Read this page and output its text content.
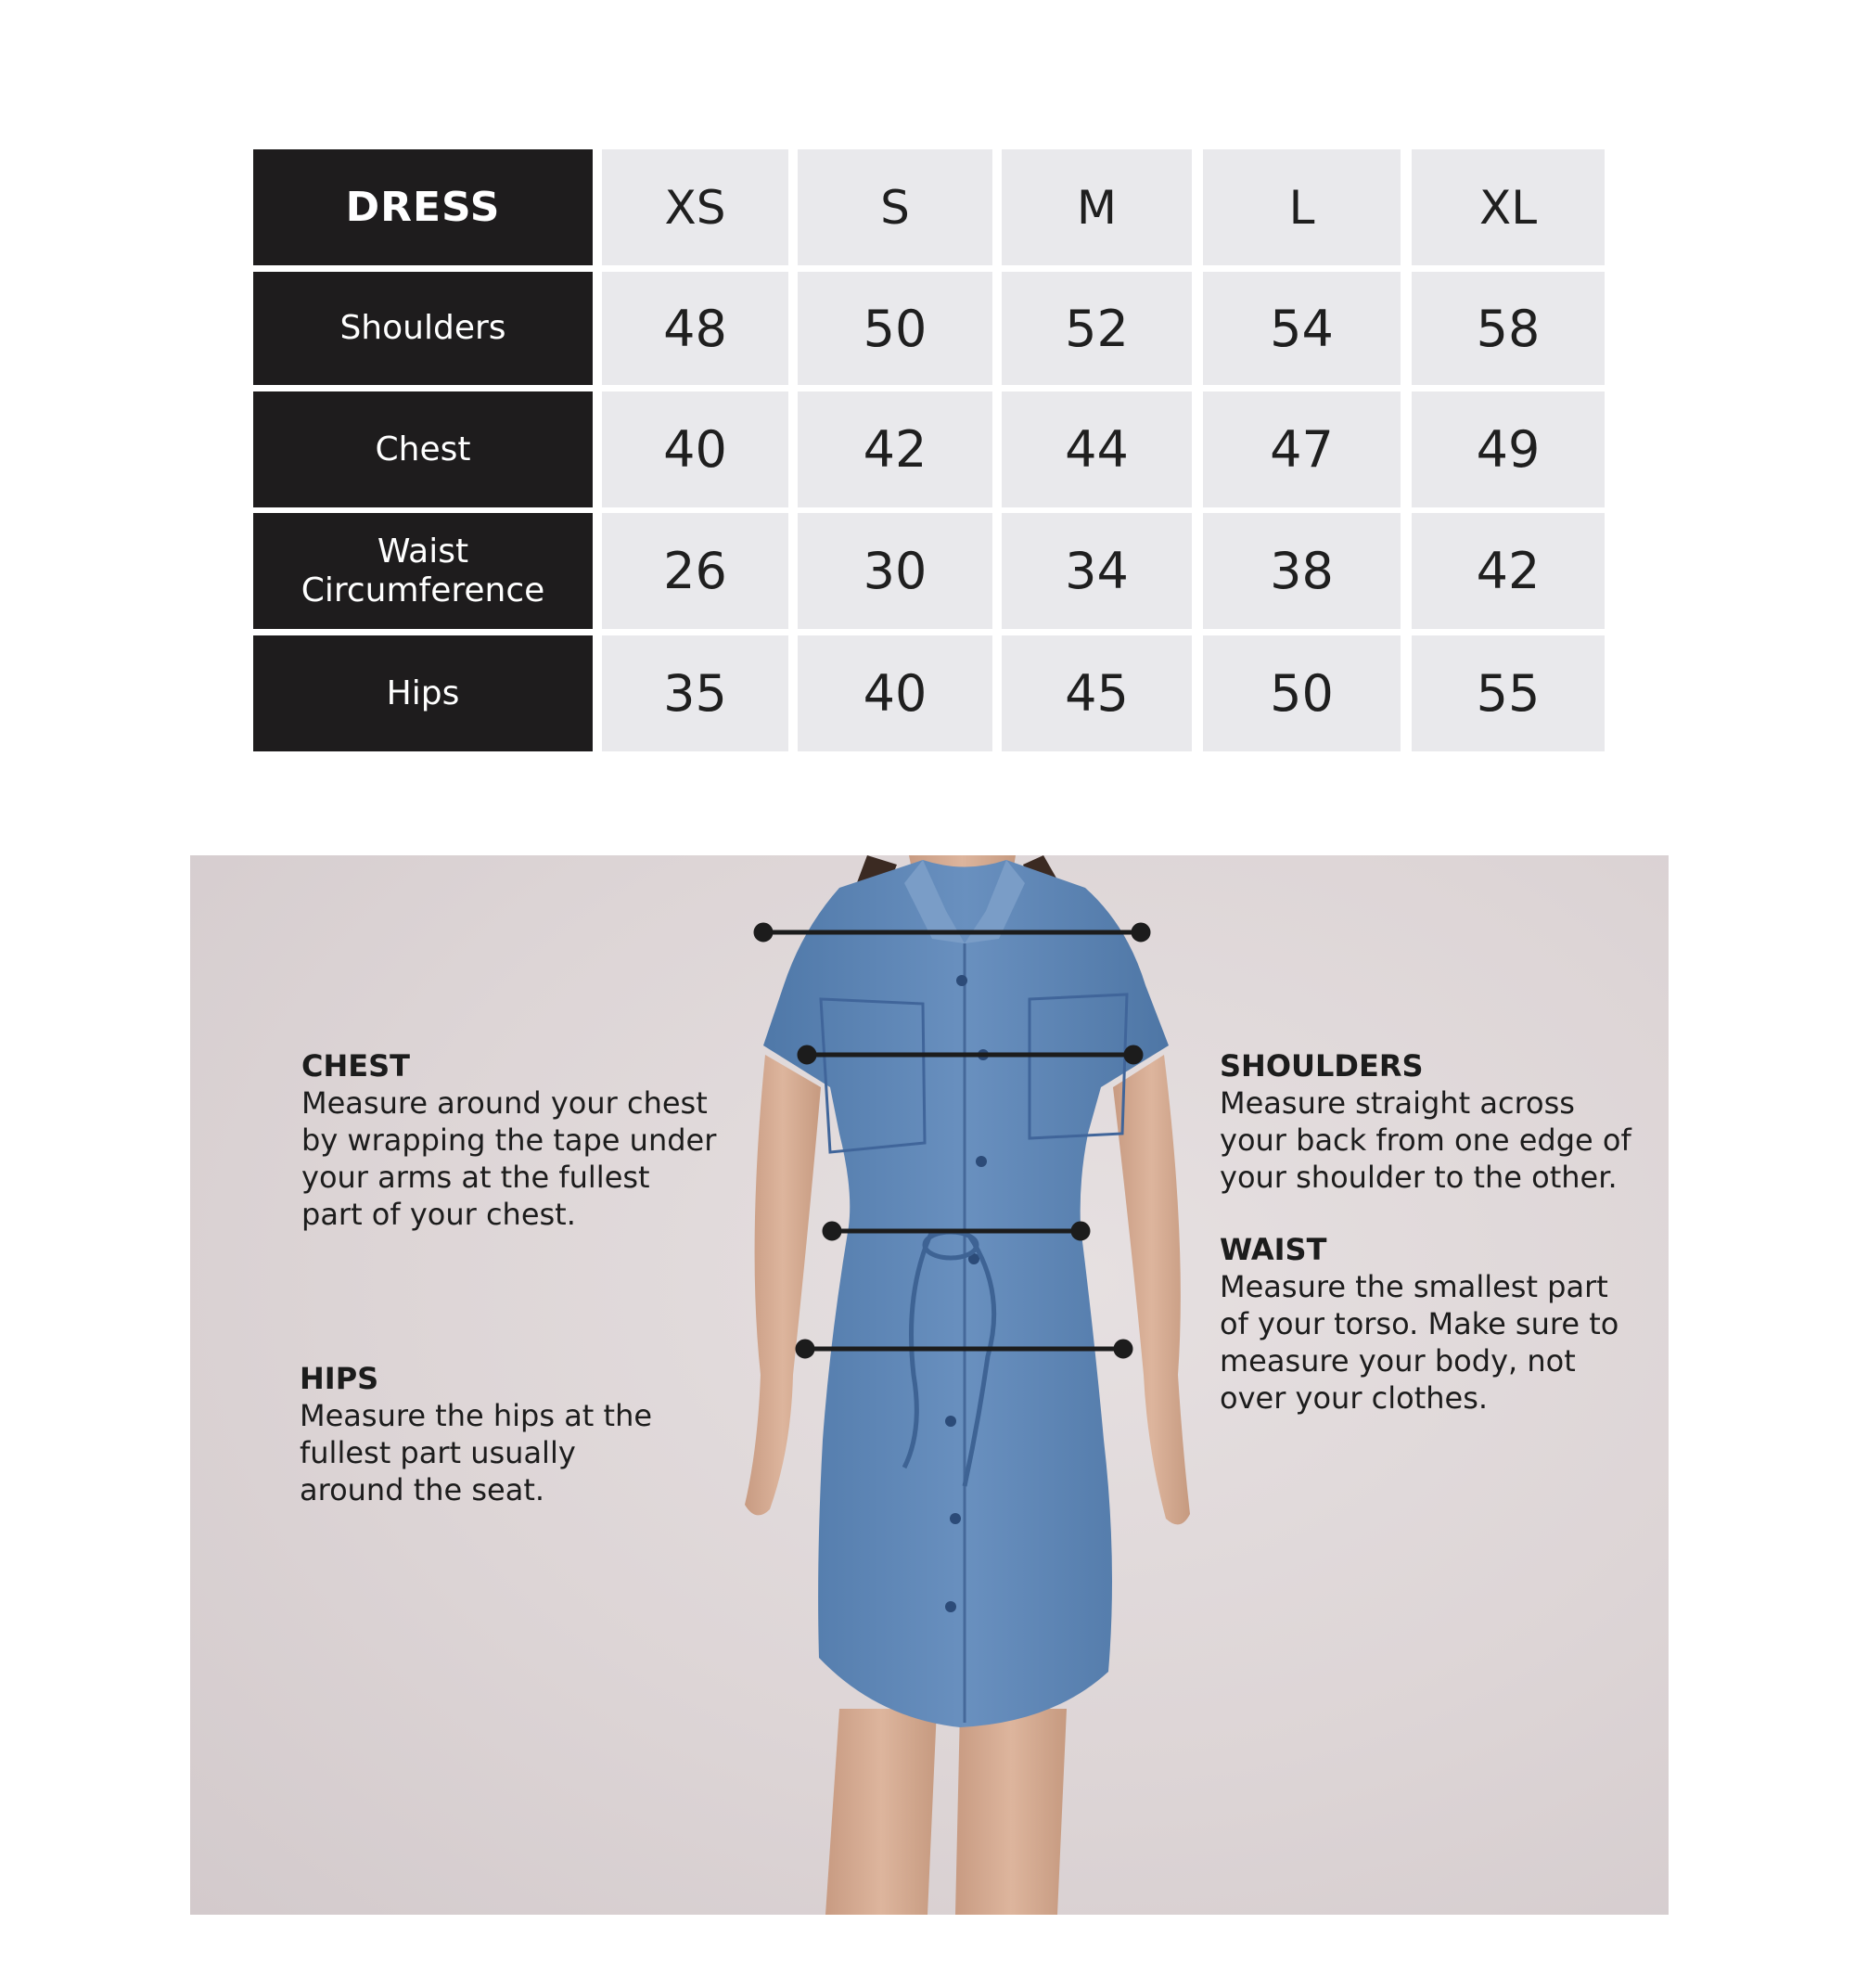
DRESS	XS	S	M	L	XL
Shoulders	48	50	52	54	58
Chest	40	42	44	47	49
Waist Circumference	26	30	34	38	42
Hips	35	40	45	50	55
CHEST
Measure around your chest by wrapping the tape under your arms at the fullest part of your chest.
HIPS
Measure the hips at the fullest part usually around the seat.
SHOULDERS
Measure straight across your back from one edge of your shoulder to the other.
WAIST
Measure the smallest part of your torso. Make sure to measure your body, not over your clothes.
